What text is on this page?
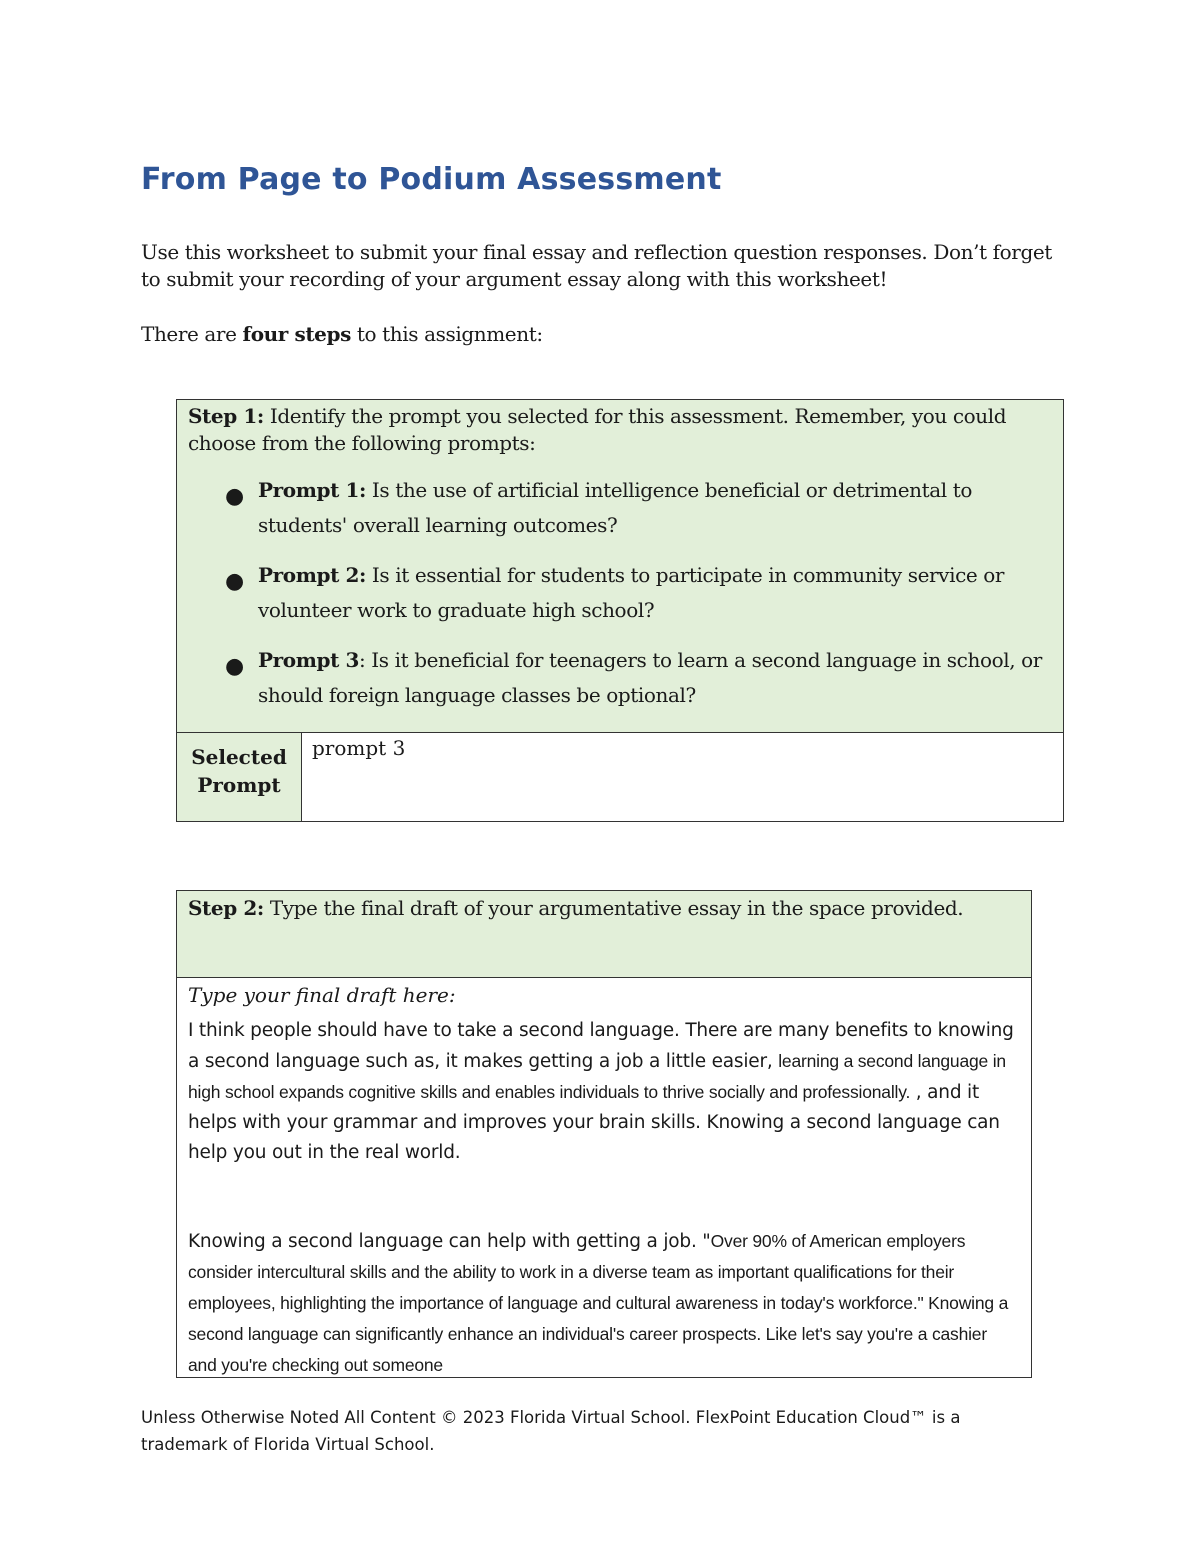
From Page to Podium Assessment

Use this worksheet to submit your final essay and reflection question responses. Don’t forget to submit your recording of your argument essay along with this worksheet!

There are four steps to this assignment:

Step 1: Identify the prompt you selected for this assessment. Remember, you could choose from the following prompts:

● Prompt 1: Is the use of artificial intelligence beneficial or detrimental to students' overall learning outcomes?
● Prompt 2: Is it essential for students to participate in community service or volunteer work to graduate high school?
● Prompt 3: Is it beneficial for teenagers to learn a second language in school, or should foreign language classes be optional?
Selected Prompt
prompt 3
Step 2: Type the final draft of your argumentative essay in the space provided.

Type your final draft here:

I think people should have to take a second language. There are many benefits to knowing a second language such as, it makes getting a job a little easier, learning a second language in high school expands cognitive skills and enables individuals to thrive socially and professionally. , and it helps with your grammar and improves your brain skills. Knowing a second language can help you out in the real world.

Knowing a second language can help with getting a job. "Over 90% of American employers consider intercultural skills and the ability to work in a diverse team as important qualifications for their employees, highlighting the importance of language and cultural awareness in today's workforce." Knowing a second language can significantly enhance an individual's career prospects. Like let's say you're a cashier and you're checking out someone

Unless Otherwise Noted All Content © 2023 Florida Virtual School. FlexPoint Education Cloud™ is a trademark of Florida Virtual School.
